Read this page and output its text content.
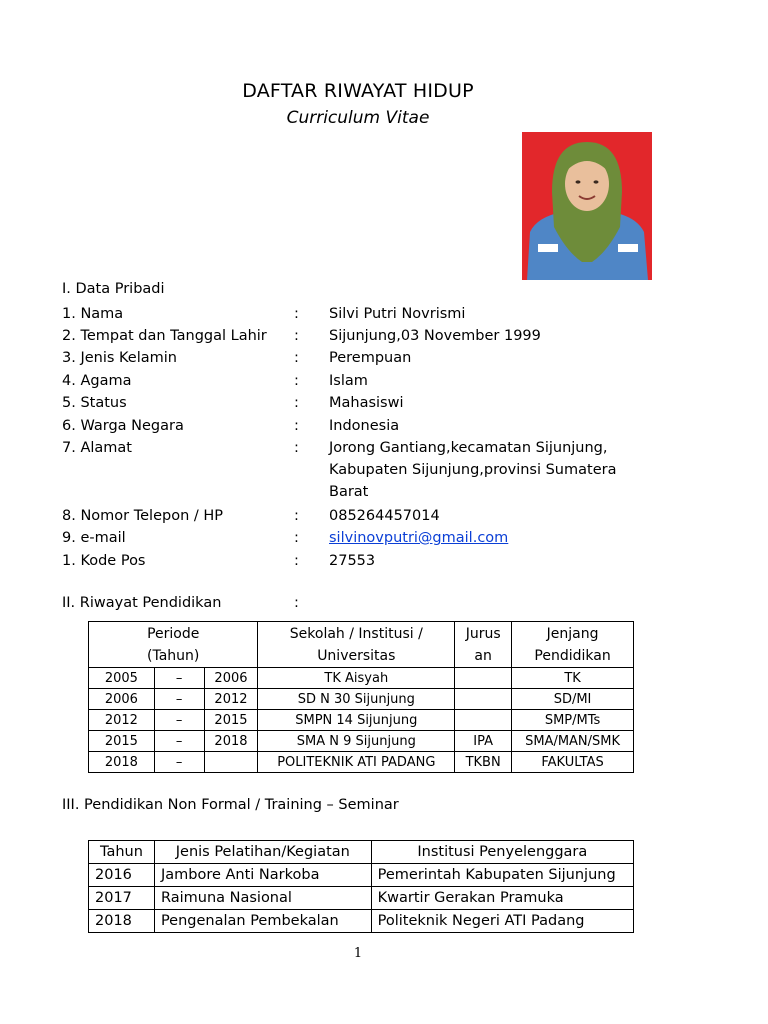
DAFTAR RIWAYAT HIDUP
Curriculum Vitae
I. Data Pribadi
1. Nama	: Silvi Putri Novrismi
2. Tempat dan Tanggal Lahir	: Sijunjung,03 November 1999
3. Jenis Kelamin	: Perempuan
4. Agama	: Islam
5. Status	: Mahasiswi
6. Warga Negara	: Indonesia
7. Alamat	: Jorong Gantiang,kecamatan Sijunjung, Kabupaten Sijunjung,provinsi Sumatera Barat
8. Nomor Telepon / HP	: 085264457014
9. e-mail	: silvinovputri@gmail.com
1. Kode Pos	: 27553
II. Riwayat Pendidikan	:
Periode (Tahun)			Sekolah / Institusi / Universitas	Jurus an	Jenjang Pendidikan
2005	–	2006	TK Aisyah		TK
2006	–	2012	SD N 30 Sijunjung		SD/MI
2012	–	2015	SMPN 14 Sijunjung		SMP/MTs
2015	–	2018	SMA N 9 Sijunjung	IPA	SMA/MAN/SMK
2018	–		POLITEKNIK ATI PADANG	TKBN	FAKULTAS
III. Pendidikan Non Formal / Training – Seminar
Tahun	Jenis Pelatihan/Kegiatan	Institusi Penyelenggara
2016	Jambore Anti Narkoba	Pemerintah Kabupaten Sijunjung
2017	Raimuna Nasional	Kwartir Gerakan Pramuka
2018	Pengenalan Pembekalan	Politeknik Negeri ATI Padang
1
